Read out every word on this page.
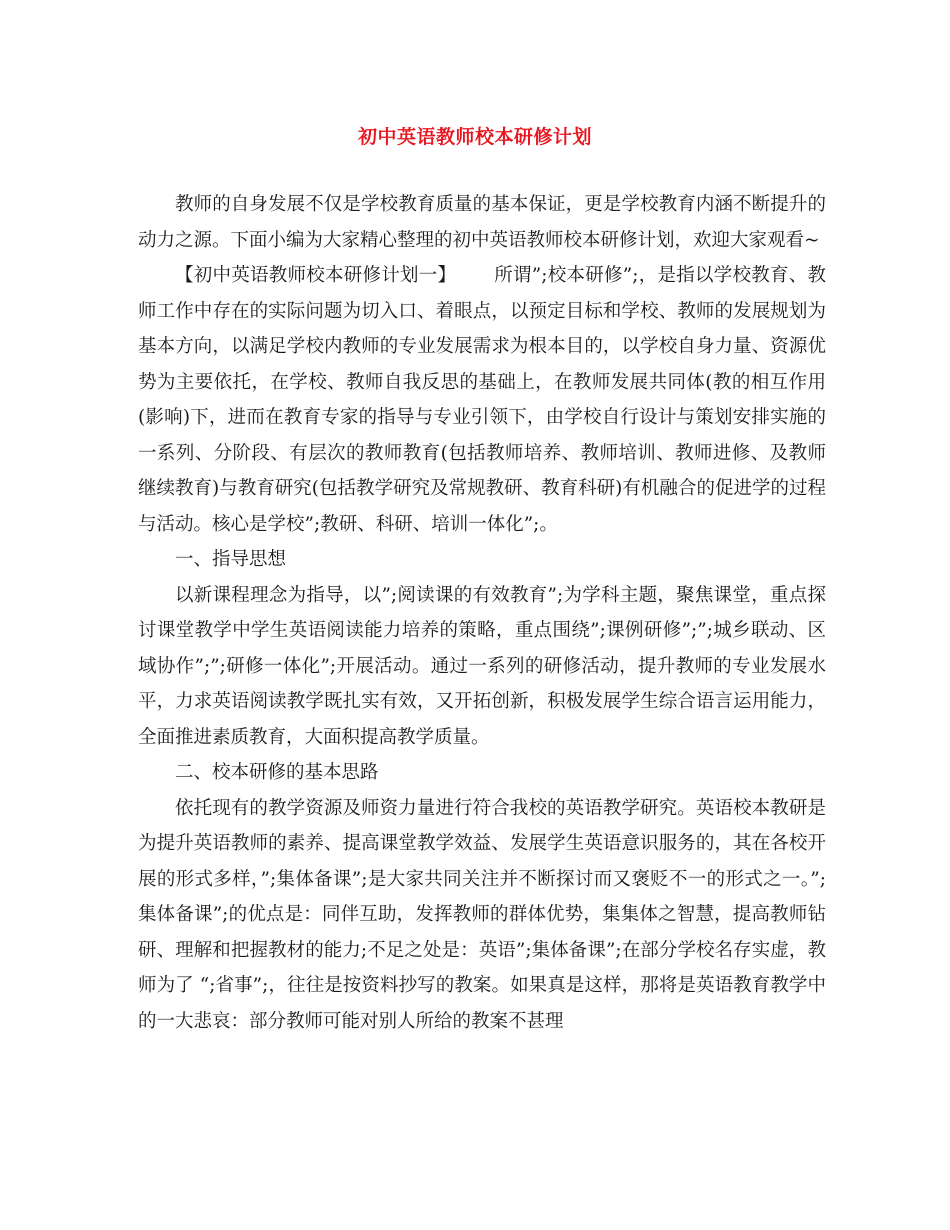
初中英语教师校本研修计划

教师的自身发展不仅是学校教育质量的基本保证，更是学校教育内涵不断提升的动力之源。下面小编为大家精心整理的初中英语教师校本研修计划，欢迎大家观看~

【初中英语教师校本研修计划一】 所谓”;校本研修”;，是指以学校教育、教师工作中存在的实际问题为切入口、着眼点，以预定目标和学校、教师的发展规划为基本方向，以满足学校内教师的专业发展需求为根本目的，以学校自身力量、资源优势为主要依托，在学校、教师自我反思的基础上，在教师发展共同体(教的相互作用(影响)下，进而在教育专家的指导与专业引领下，由学校自行设计与策划安排实施的一系列、分阶段、有层次的教师教育(包括教师培养、教师培训、教师进修、及教师继续教育)与教育研究(包括教学研究及常规教研、教育科研)有机融合的促进学的过程与活动。核心是学校”;教研、科研、培训一体化”;。

一、指导思想

以新课程理念为指导，以”;阅读课的有效教育”;为学科主题，聚焦课堂，重点探讨课堂教学中学生英语阅读能力培养的策略，重点围绕”;课例研修”;”;城乡联动、区域协作”;”;研修一体化”;开展活动。通过一系列的研修活动，提升教师的专业发展水平，力求英语阅读教学既扎实有效，又开拓创新，积极发展学生综合语言运用能力，全面推进素质教育，大面积提高教学质量。

二、校本研修的基本思路

依托现有的教学资源及师资力量进行符合我校的英语教学研究。英语校本教研是为提升英语教师的素养、提高课堂教学效益、发展学生英语意识服务的，其在各校开展的形式多样，”;集体备课”;是大家共同关注并不断探讨而又褒贬不一的形式之一。”;集体备课”;的优点是：同伴互助，发挥教师的群体优势，集集体之智慧，提高教师钻研、理解和把握教材的能力;不足之处是：英语”;集体备课”;在部分学校名存实虚，教师为了 “;省事”;，往往是按资料抄写的教案。如果真是这样，那将是英语教育教学中的一大悲哀：部分教师可能对别人所给的教案不甚理
